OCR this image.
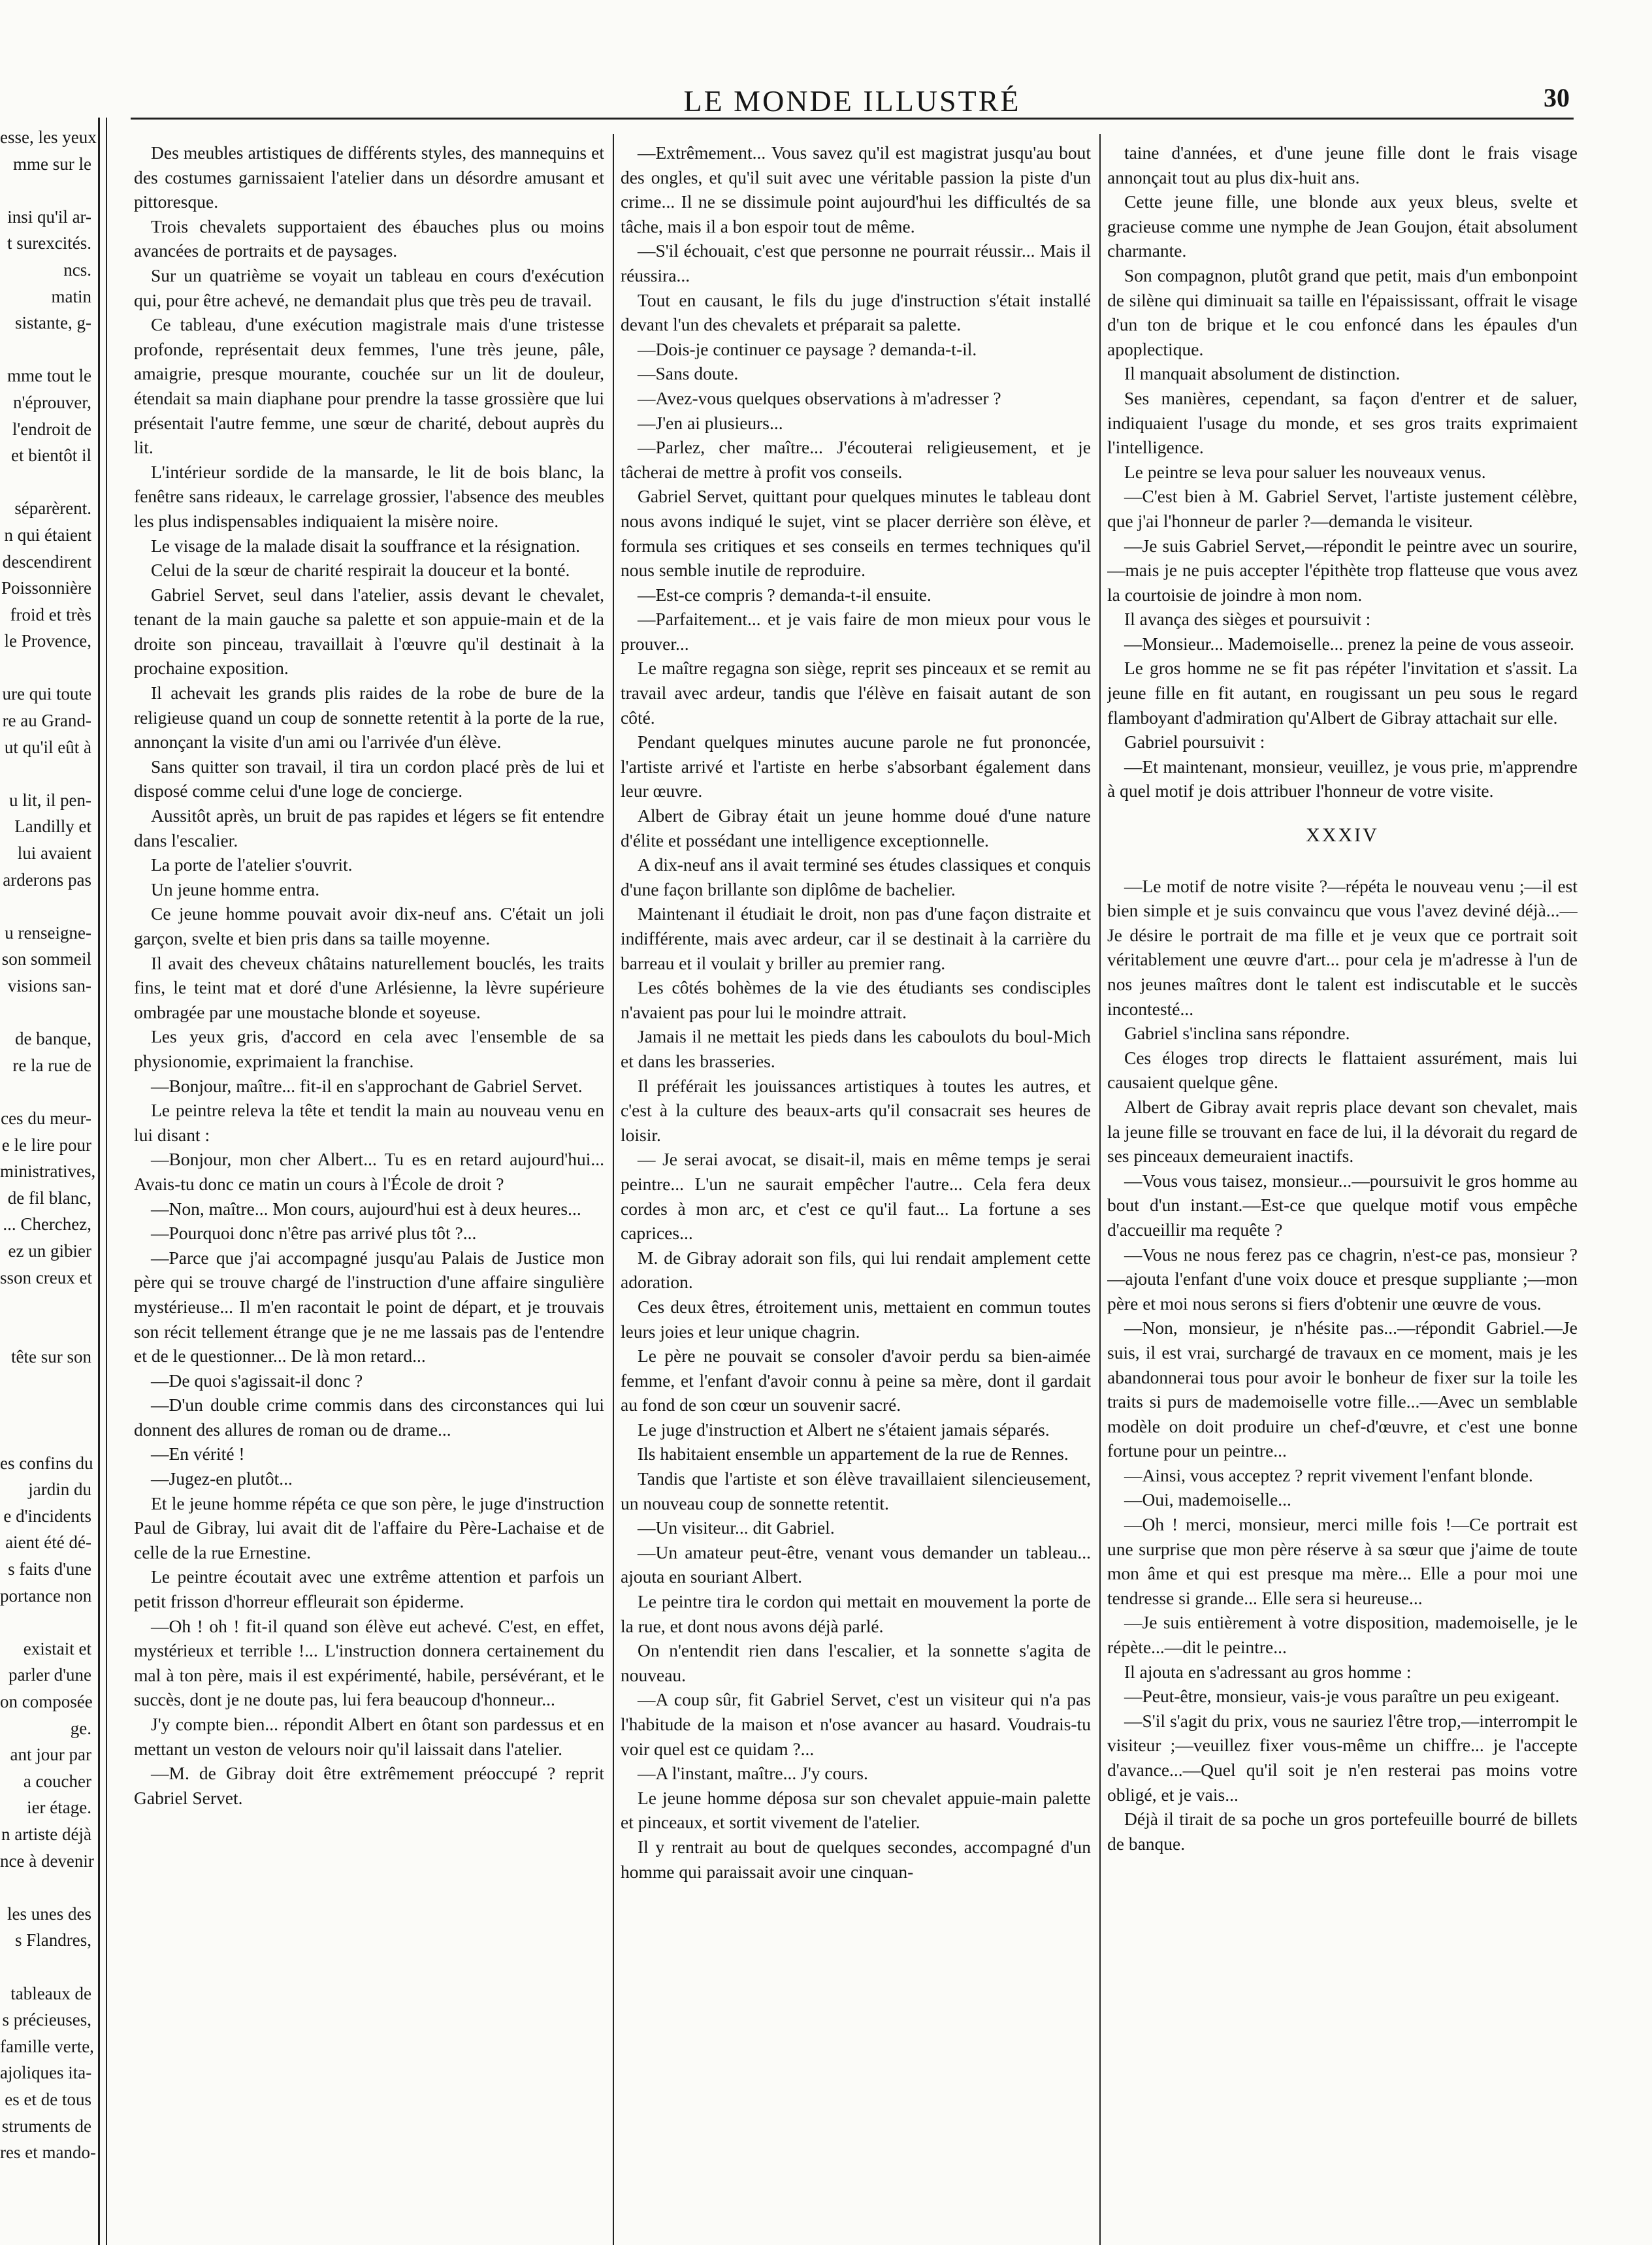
esse, les yeux
mme sur le

insi qu'il ar-
t surexcités.
ncs.
matin
sistante, g-

mme tout le
n'éprouver,
l'endroit de
et bientôt il

séparèrent.
n qui étaient
descendirent
Poissonnière
froid et très
le Provence,

ure qui toute
re au Grand-
ut qu'il eût à

u lit, il pen-
Landilly et
lui avaient
arderons pas

u renseigne-
son sommeil
visions san-

de banque,
re la rue de

ces du meur-
e le lire pour
ministratives,
de fil blanc,
... Cherchez,
ez un gibier
sson creux et

tête sur son

es confins du
jardin du
e d'incidents
aient été dé-
s faits d'une
portance non

existait et
parler d'une
on composée
ge.
ant jour par
a coucher
ier étage.
n artiste déjà
nce à devenir

les unes des
s Flandres,

tableaux de
s précieuses,
famille verte,
ajoliques ita-
es et de tous
struments de
res et mando-
LE MONDE ILLUSTRÉ	30

Des meubles artistiques de différents styles, des mannequins et des costumes garnissaient l'atelier dans un désordre amusant et pittoresque.

Trois chevalets supportaient des ébauches plus ou moins avancées de portraits et de paysages.

Sur un quatrième se voyait un tableau en cours d'exécution qui, pour être achevé, ne demandait plus que très peu de travail.

Ce tableau, d'une exécution magistrale mais d'une tristesse profonde, représentait deux femmes, l'une très jeune, pâle, amaigrie, presque mourante, couchée sur un lit de douleur, étendait sa main diaphane pour prendre la tasse grossière que lui présentait l'autre femme, une sœur de charité, debout auprès du lit.

L'intérieur sordide de la mansarde, le lit de bois blanc, la fenêtre sans rideaux, le carrelage grossier, l'absence des meubles les plus indispensables indiquaient la misère noire.

Le visage de la malade disait la souffrance et la résignation.

Celui de la sœur de charité respirait la douceur et la bonté.

Gabriel Servet, seul dans l'atelier, assis devant le chevalet, tenant de la main gauche sa palette et son appuie-main et de la droite son pinceau, travaillait à l'œuvre qu'il destinait à la prochaine exposition.

Il achevait les grands plis raides de la robe de bure de la religieuse quand un coup de sonnette retentit à la porte de la rue, annonçant la visite d'un ami ou l'arrivée d'un élève.

Sans quitter son travail, il tira un cordon placé près de lui et disposé comme celui d'une loge de concierge.

Aussitôt après, un bruit de pas rapides et légers se fit entendre dans l'escalier.

La porte de l'atelier s'ouvrit.

Un jeune homme entra.

Ce jeune homme pouvait avoir dix-neuf ans. C'était un joli garçon, svelte et bien pris dans sa taille moyenne.

Il avait des cheveux châtains naturellement bouclés, les traits fins, le teint mat et doré d'une Arlésienne, la lèvre supérieure ombragée par une moustache blonde et soyeuse.

Les yeux gris, d'accord en cela avec l'ensemble de sa physionomie, exprimaient la franchise.

—Bonjour, maître... fit-il en s'approchant de Gabriel Servet.

Le peintre releva la tête et tendit la main au nouveau venu en lui disant :

—Bonjour, mon cher Albert... Tu es en retard aujourd'hui... Avais-tu donc ce matin un cours à l'École de droit ?

—Non, maître... Mon cours, aujourd'hui est à deux heures...

—Pourquoi donc n'être pas arrivé plus tôt ?...

—Parce que j'ai accompagné jusqu'au Palais de Justice mon père qui se trouve chargé de l'instruction d'une affaire singulière mystérieuse... Il m'en racontait le point de départ, et je trouvais son récit tellement étrange que je ne me lassais pas de l'entendre et de le questionner... De là mon retard...

—De quoi s'agissait-il donc ?

—D'un double crime commis dans des circonstances qui lui donnent des allures de roman ou de drame...

—En vérité !

—Jugez-en plutôt...

Et le jeune homme répéta ce que son père, le juge d'instruction Paul de Gibray, lui avait dit de l'affaire du Père-Lachaise et de celle de la rue Ernestine.

Le peintre écoutait avec une extrême attention et parfois un petit frisson d'horreur effleurait son épiderme.

—Oh ! oh ! fit-il quand son élève eut achevé. C'est, en effet, mystérieux et terrible !... L'instruction donnera certainement du mal à ton père, mais il est expérimenté, habile, persévérant, et le succès, dont je ne doute pas, lui fera beaucoup d'honneur...

J'y compte bien... répondit Albert en ôtant son pardessus et en mettant un veston de velours noir qu'il laissait dans l'atelier.

—M. de Gibray doit être extrêmement préoccupé ? reprit Gabriel Servet.

—Extrêmement... Vous savez qu'il est magistrat jusqu'au bout des ongles, et qu'il suit avec une véritable passion la piste d'un crime... Il ne se dissimule point aujourd'hui les difficultés de sa tâche, mais il a bon espoir tout de même.

—S'il échouait, c'est que personne ne pourrait réussir... Mais il réussira...

Tout en causant, le fils du juge d'instruction s'était installé devant l'un des chevalets et préparait sa palette.

—Dois-je continuer ce paysage ? demanda-t-il.

—Sans doute.

—Avez-vous quelques observations à m'adresser ?

—J'en ai plusieurs...

—Parlez, cher maître... J'écouterai religieusement, et je tâcherai de mettre à profit vos conseils.

Gabriel Servet, quittant pour quelques minutes le tableau dont nous avons indiqué le sujet, vint se placer derrière son élève, et formula ses critiques et ses conseils en termes techniques qu'il nous semble inutile de reproduire.

—Est-ce compris ? demanda-t-il ensuite.

—Parfaitement... et je vais faire de mon mieux pour vous le prouver...

Le maître regagna son siège, reprit ses pinceaux et se remit au travail avec ardeur, tandis que l'élève en faisait autant de son côté.

Pendant quelques minutes aucune parole ne fut prononcée, l'artiste arrivé et l'artiste en herbe s'absorbant également dans leur œuvre.

Albert de Gibray était un jeune homme doué d'une nature d'élite et possédant une intelligence exceptionnelle.

A dix-neuf ans il avait terminé ses études classiques et conquis d'une façon brillante son diplôme de bachelier.

Maintenant il étudiait le droit, non pas d'une façon distraite et indifférente, mais avec ardeur, car il se destinait à la carrière du barreau et il voulait y briller au premier rang.

Les côtés bohèmes de la vie des étudiants ses condisciples n'avaient pas pour lui le moindre attrait.

Jamais il ne mettait les pieds dans les caboulots du boul-Mich et dans les brasseries.

Il préférait les jouissances artistiques à toutes les autres, et c'est à la culture des beaux-arts qu'il consacrait ses heures de loisir.

— Je serai avocat, se disait-il, mais en même temps je serai peintre... L'un ne saurait empêcher l'autre... Cela fera deux cordes à mon arc, et c'est ce qu'il faut... La fortune a ses caprices...

M. de Gibray adorait son fils, qui lui rendait amplement cette adoration.

Ces deux êtres, étroitement unis, mettaient en commun toutes leurs joies et leur unique chagrin.

Le père ne pouvait se consoler d'avoir perdu sa bien-aimée femme, et l'enfant d'avoir connu à peine sa mère, dont il gardait au fond de son cœur un souvenir sacré.

Le juge d'instruction et Albert ne s'étaient jamais séparés.

Ils habitaient ensemble un appartement de la rue de Rennes.

Tandis que l'artiste et son élève travaillaient silencieusement, un nouveau coup de sonnette retentit.

—Un visiteur... dit Gabriel.

—Un amateur peut-être, venant vous demander un tableau... ajouta en souriant Albert.

Le peintre tira le cordon qui mettait en mouvement la porte de la rue, et dont nous avons déjà parlé.

On n'entendit rien dans l'escalier, et la sonnette s'agita de nouveau.

—A coup sûr, fit Gabriel Servet, c'est un visiteur qui n'a pas l'habitude de la maison et n'ose avancer au hasard. Voudrais-tu voir quel est ce quidam ?...

—A l'instant, maître... J'y cours.

Le jeune homme déposa sur son chevalet appuie-main palette et pinceaux, et sortit vivement de l'atelier.

Il y rentrait au bout de quelques secondes, accompagné d'un homme qui paraissait avoir une cinquan-

taine d'années, et d'une jeune fille dont le frais visage annonçait tout au plus dix-huit ans.

Cette jeune fille, une blonde aux yeux bleus, svelte et gracieuse comme une nymphe de Jean Goujon, était absolument charmante.

Son compagnon, plutôt grand que petit, mais d'un embonpoint de silène qui diminuait sa taille en l'épaississant, offrait le visage d'un ton de brique et le cou enfoncé dans les épaules d'un apoplectique.

Il manquait absolument de distinction.

Ses manières, cependant, sa façon d'entrer et de saluer, indiquaient l'usage du monde, et ses gros traits exprimaient l'intelligence.

Le peintre se leva pour saluer les nouveaux venus.

—C'est bien à M. Gabriel Servet, l'artiste justement célèbre, que j'ai l'honneur de parler ?—demanda le visiteur.

—Je suis Gabriel Servet,—répondit le peintre avec un sourire,—mais je ne puis accepter l'épithète trop flatteuse que vous avez la courtoisie de joindre à mon nom.

Il avança des sièges et poursuivit :

—Monsieur... Mademoiselle... prenez la peine de vous asseoir.

Le gros homme ne se fit pas répéter l'invitation et s'assit. La jeune fille en fit autant, en rougissant un peu sous le regard flamboyant d'admiration qu'Albert de Gibray attachait sur elle.

Gabriel poursuivit :

—Et maintenant, monsieur, veuillez, je vous prie, m'apprendre à quel motif je dois attribuer l'honneur de votre visite.

XXXIV

—Le motif de notre visite ?—répéta le nouveau venu ;—il est bien simple et je suis convaincu que vous l'avez deviné déjà...—Je désire le portrait de ma fille et je veux que ce portrait soit véritablement une œuvre d'art... pour cela je m'adresse à l'un de nos jeunes maîtres dont le talent est indiscutable et le succès incontesté...

Gabriel s'inclina sans répondre.

Ces éloges trop directs le flattaient assurément, mais lui causaient quelque gêne.

Albert de Gibray avait repris place devant son chevalet, mais la jeune fille se trouvant en face de lui, il la dévorait du regard de ses pinceaux demeuraient inactifs.

—Vous vous taisez, monsieur...—poursuivit le gros homme au bout d'un instant.—Est-ce que quelque motif vous empêche d'accueillir ma requête ?

—Vous ne nous ferez pas ce chagrin, n'est-ce pas, monsieur ?—ajouta l'enfant d'une voix douce et presque suppliante ;—mon père et moi nous serons si fiers d'obtenir une œuvre de vous.

—Non, monsieur, je n'hésite pas...—répondit Gabriel.—Je suis, il est vrai, surchargé de travaux en ce moment, mais je les abandonnerai tous pour avoir le bonheur de fixer sur la toile les traits si purs de mademoiselle votre fille...—Avec un semblable modèle on doit produire un chef-d'œuvre, et c'est une bonne fortune pour un peintre...

—Ainsi, vous acceptez ? reprit vivement l'enfant blonde.

—Oui, mademoiselle...

—Oh ! merci, monsieur, merci mille fois !—Ce portrait est une surprise que mon père réserve à sa sœur que j'aime de toute mon âme et qui est presque ma mère... Elle a pour moi une tendresse si grande... Elle sera si heureuse...

—Je suis entièrement à votre disposition, mademoiselle, je le répète...—dit le peintre...

Il ajouta en s'adressant au gros homme :

—Peut-être, monsieur, vais-je vous paraître un peu exigeant.

—S'il s'agit du prix, vous ne sauriez l'être trop,—interrompit le visiteur ;—veuillez fixer vous-même un chiffre... je l'accepte d'avance...—Quel qu'il soit je n'en resterai pas moins votre obligé, et je vais...

Déjà il tirait de sa poche un gros portefeuille bourré de billets de banque.
